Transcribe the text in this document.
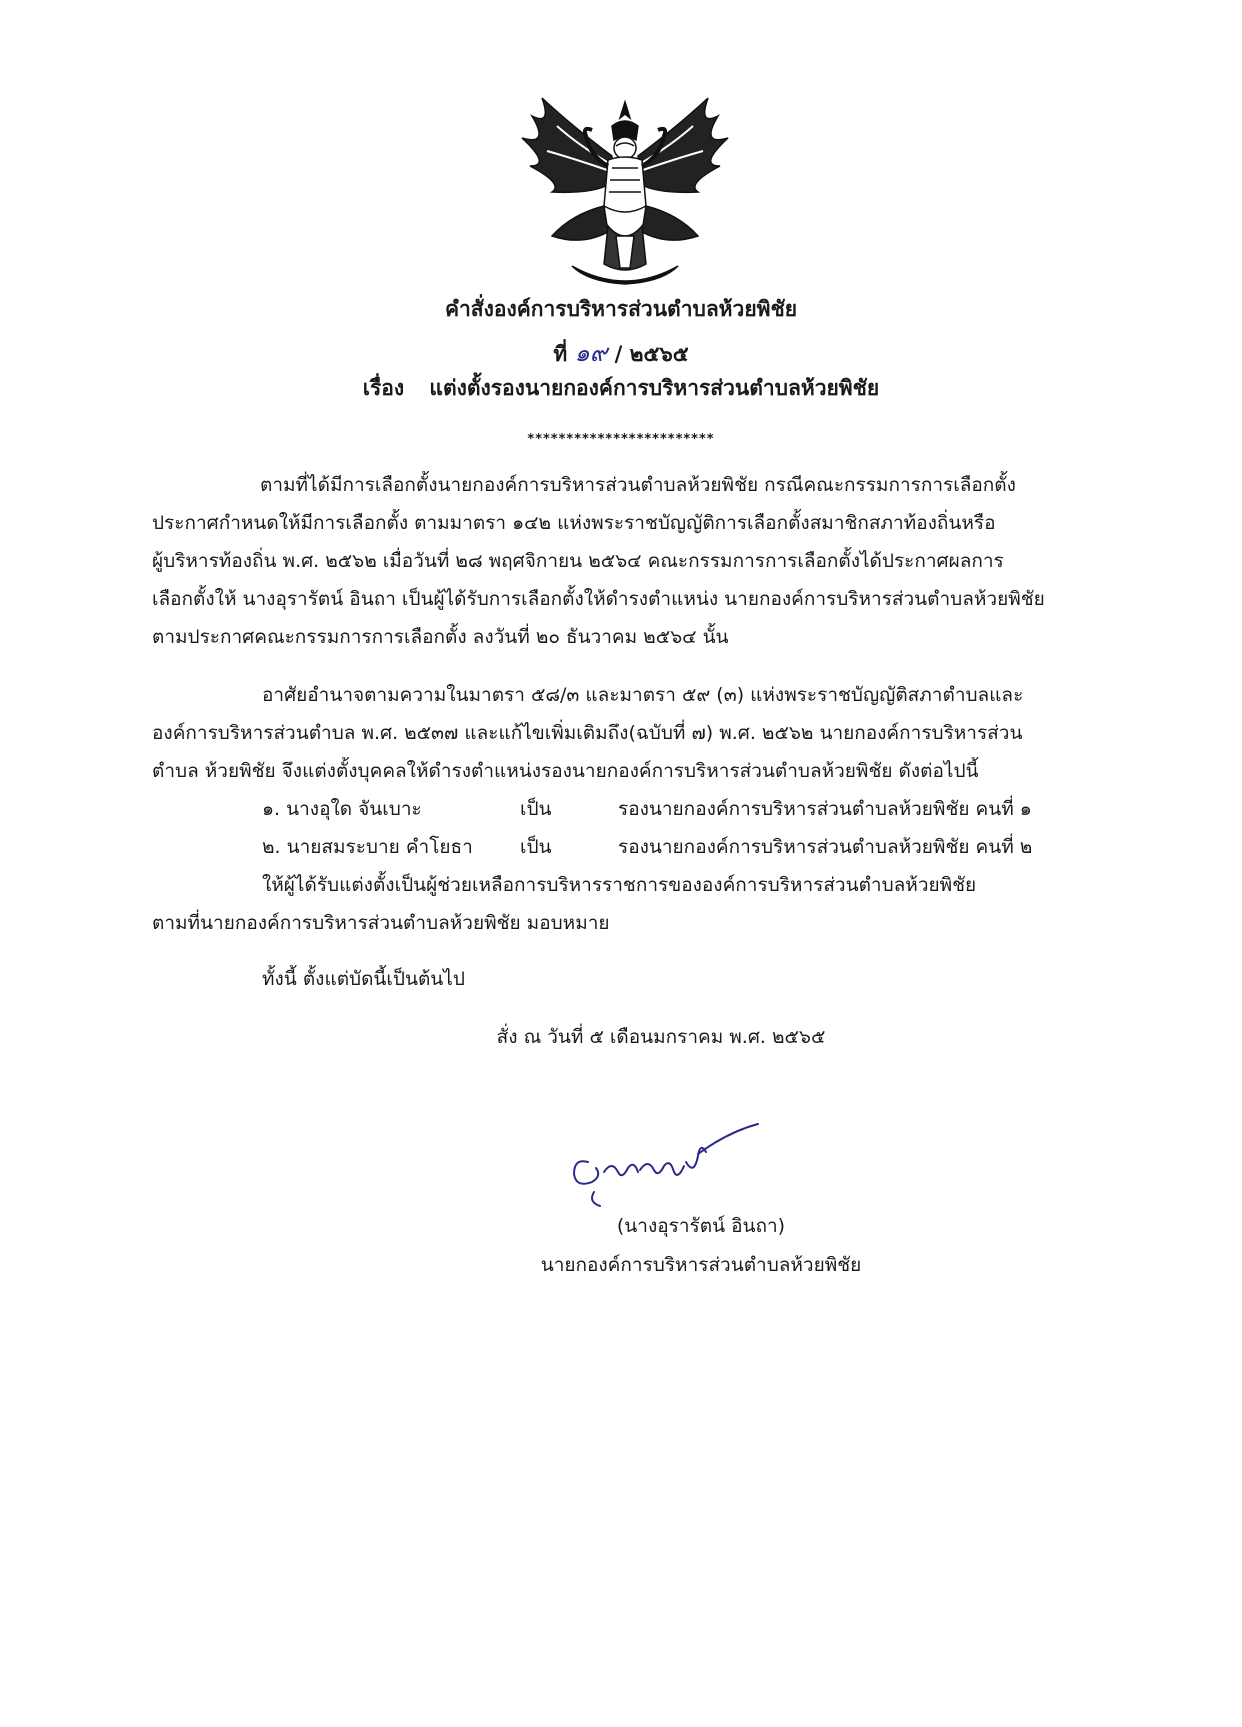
คำสั่งองค์การบริหารส่วนตำบลห้วยพิชัย
ที่ ๑๙ / ๒๕๖๕
เรื่อง แต่งตั้งรองนายกองค์การบริหารส่วนตำบลห้วยพิชัย
************************
ตามที่ได้มีการเลือกตั้งนายกองค์การบริหารส่วนตำบลห้วยพิชัย กรณีคณะกรรมการการเลือกตั้ง
ประกาศกำหนดให้มีการเลือกตั้ง ตามมาตรา ๑๔๒ แห่งพระราชบัญญัติการเลือกตั้งสมาชิกสภาท้องถิ่นหรือ
ผู้บริหารท้องถิ่น พ.ศ. ๒๕๖๒ เมื่อวันที่ ๒๘ พฤศจิกายน ๒๕๖๔ คณะกรรมการการเลือกตั้งได้ประกาศผลการ
เลือกตั้งให้ นางอุรารัตน์ อินถา เป็นผู้ได้รับการเลือกตั้งให้ดำรงตำแหน่ง นายกองค์การบริหารส่วนตำบลห้วยพิชัย
ตามประกาศคณะกรรมการการเลือกตั้ง ลงวันที่ ๒๐ ธันวาคม ๒๕๖๔ นั้น
อาศัยอำนาจตามความในมาตรา ๕๘/๓ และมาตรา ๕๙ (๓) แห่งพระราชบัญญัติสภาตำบลและ
องค์การบริหารส่วนตำบล พ.ศ. ๒๕๓๗ และแก้ไขเพิ่มเติมถึง(ฉบับที่ ๗) พ.ศ. ๒๕๖๒ นายกองค์การบริหารส่วน
ตำบล ห้วยพิชัย จึงแต่งตั้งบุคคลให้ดำรงตำแหน่งรองนายกองค์การบริหารส่วนตำบลห้วยพิชัย ดังต่อไปนี้
๑. นางอุใด จันเบาะ	เป็น	รองนายกองค์การบริหารส่วนตำบลห้วยพิชัย คนที่ ๑
๒. นายสมระบาย คำโยธา เป็น	รองนายกองค์การบริหารส่วนตำบลห้วยพิชัย คนที่ ๒
ให้ผู้ได้รับแต่งตั้งเป็นผู้ช่วยเหลือการบริหารราชการขององค์การบริหารส่วนตำบลห้วยพิชัย
ตามที่นายกองค์การบริหารส่วนตำบลห้วยพิชัย มอบหมาย
ทั้งนี้ ตั้งแต่บัดนี้เป็นต้นไป
สั่ง ณ วันที่ ๕ เดือนมกราคม พ.ศ. ๒๕๖๕
(นางอุรารัตน์ อินถา)
นายกองค์การบริหารส่วนตำบลห้วยพิชัย
